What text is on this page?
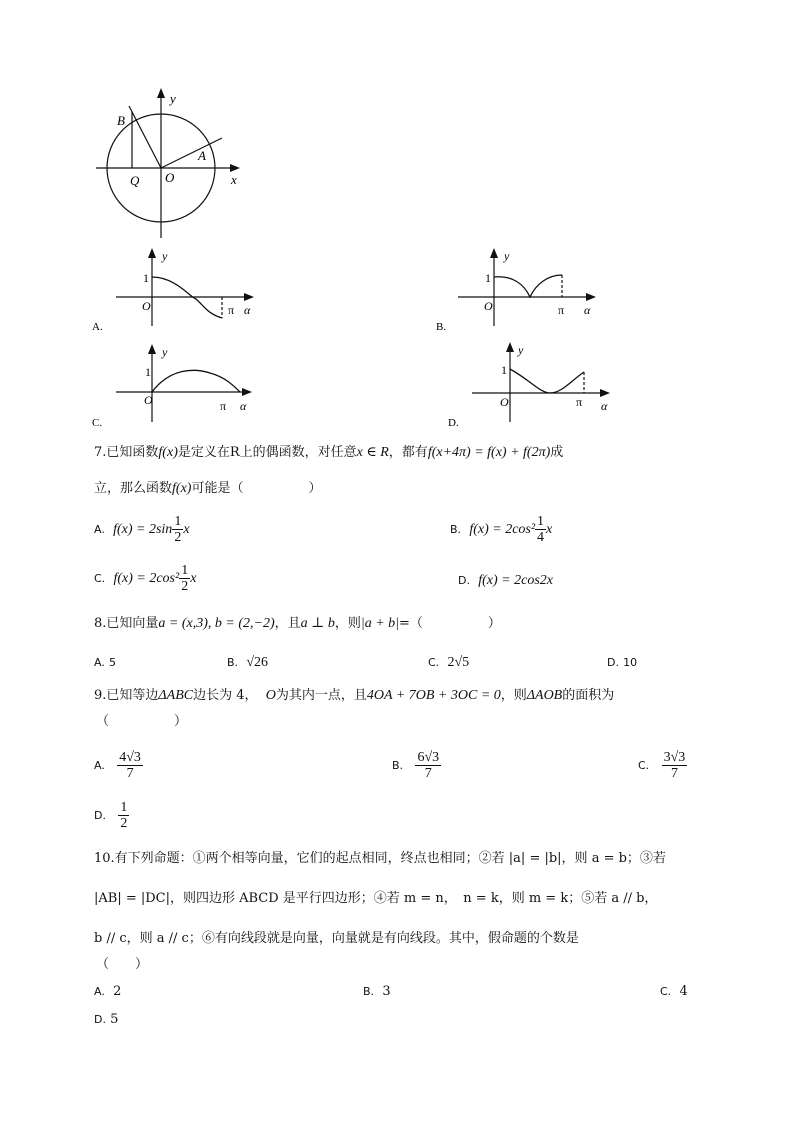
y
B
A
Q O	x
A.
y
1
O	π α
B.
y
1
O	π α
C.
y
1
O	π α
D.
y
1
O	π α
7.已知函数f(x)是定义在R上的偶函数，对任意x ∈ R，都有f(x+4π) = f(x) + f(2π)成
立，那么函数f(x)可能是（　　　　　）
A. $f(x) = 2\sin \frac{1}{2}$ x	B. $f(x) = 2\cos^2 \frac{1}{4}$ x
C. $f(x) = 2\cos^2 \frac{1}{2}$ x	D. f(x) = 2cos2x
8.已知向量a = (x,3), b = (2,−2)，且a ⊥ b，则|a + b|=（　　　　　）
A. 5	B. √26	C. 2√5	D. 10
9.已知等边ΔABC边长为 4， O为其内一点，且4OA + 7OB + 3OC = 0，则ΔAOB的面积为
（　　　　　）
A. $\frac{4√3}{7}$	B. $\frac{6√3}{7}$	C. $\frac{3√3}{7}$
D. $\frac{1}{2}$
10.有下列命题：①两个相等向量，它们的起点相同，终点也相同；②若 |a| = |b|，则 a = b；③若
|AB| = |DC|，则四边形 ABCD 是平行四边形；④若 m = n，　n = k，则 m = k；⑤若 a // b，
b // c，则 a // c；⑥有向线段就是向量，向量就是有向线段。其中，假命题的个数是
（　　）
A. 2	B. 3	C. 4
D. 5
